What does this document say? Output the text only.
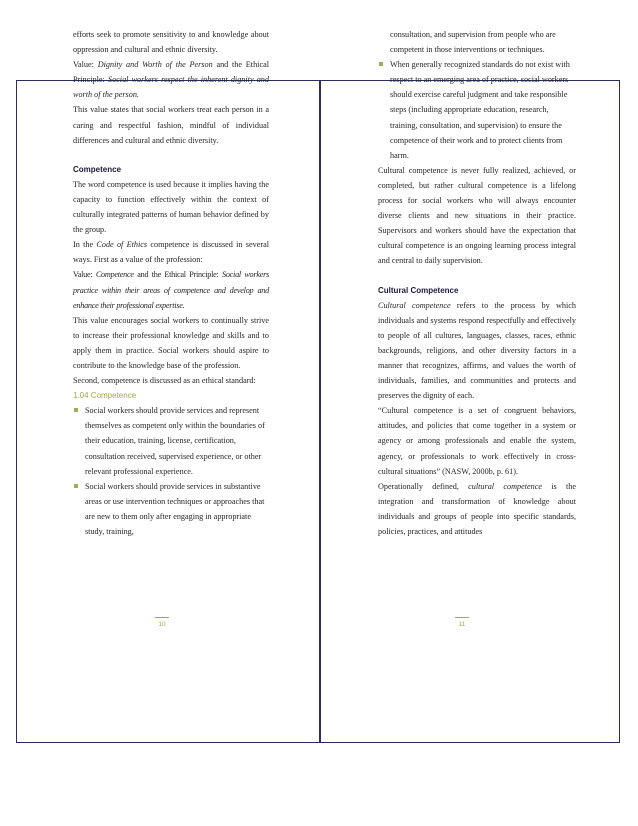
efforts seek to promote sensitivity to and knowledge about oppression and cultural and ethnic diversity.

Value: Dignity and Worth of the Person and the Ethical Principle: Social workers respect the inherent dignity and worth of the person.

This value states that social workers treat each person in a caring and respectful fashion, mindful of individual differences and cultural and ethnic diversity.

Competence

The word competence is used because it implies having the capacity to function effectively within the context of culturally integrated patterns of human behavior defined by the group.

In the Code of Ethics competence is discussed in several ways. First as a value of the profession:

Value: Competence and the Ethical Principle: Social workers practice within their areas of competence and develop and enhance their professional expertise.

This value encourages social workers to continually strive to increase their professional knowledge and skills and to apply them in practice. Social workers should aspire to contribute to the knowledge base of the profession.

Second, competence is discussed as an ethical standard:

1.04 Competence
Social workers should provide services and represent themselves as competent only within the boundaries of their education, training, license, certification, consultation received, supervised experience, or other relevant professional experience.
Social workers should provide services in substantive areas or use intervention techniques or approaches that are new to them only after engaging in appropriate study, training,
consultation, and supervision from people who are competent in those interventions or techniques.
When generally recognized standards do not exist with respect to an emerging area of practice, social workers should exercise careful judgment and take responsible steps (including appropriate education, research, training, consultation, and supervision) to ensure the competence of their work and to protect clients from harm.

Cultural competence is never fully realized, achieved, or completed, but rather cultural competence is a lifelong process for social workers who will always encounter diverse clients and new situations in their practice. Supervisors and workers should have the expectation that cultural competence is an ongoing learning process integral and central to daily supervision.

Cultural Competence

Cultural competence refers to the process by which individuals and systems respond respectfully and effectively to people of all cultures, languages, classes, races, ethnic backgrounds, religions, and other diversity factors in a manner that recognizes, affirms, and values the worth of individuals, families, and communities and protects and preserves the dignity of each.

“Cultural competence is a set of congruent behaviors, attitudes, and policies that come together in a system or agency or among professionals and enable the system, agency, or professionals to work effectively in cross-cultural situations” (NASW, 2000b, p. 61).

Operationally defined, cultural competence is the integration and transformation of knowledge about individuals and groups of people into specific standards, policies, practices, and attitudes

10	11
